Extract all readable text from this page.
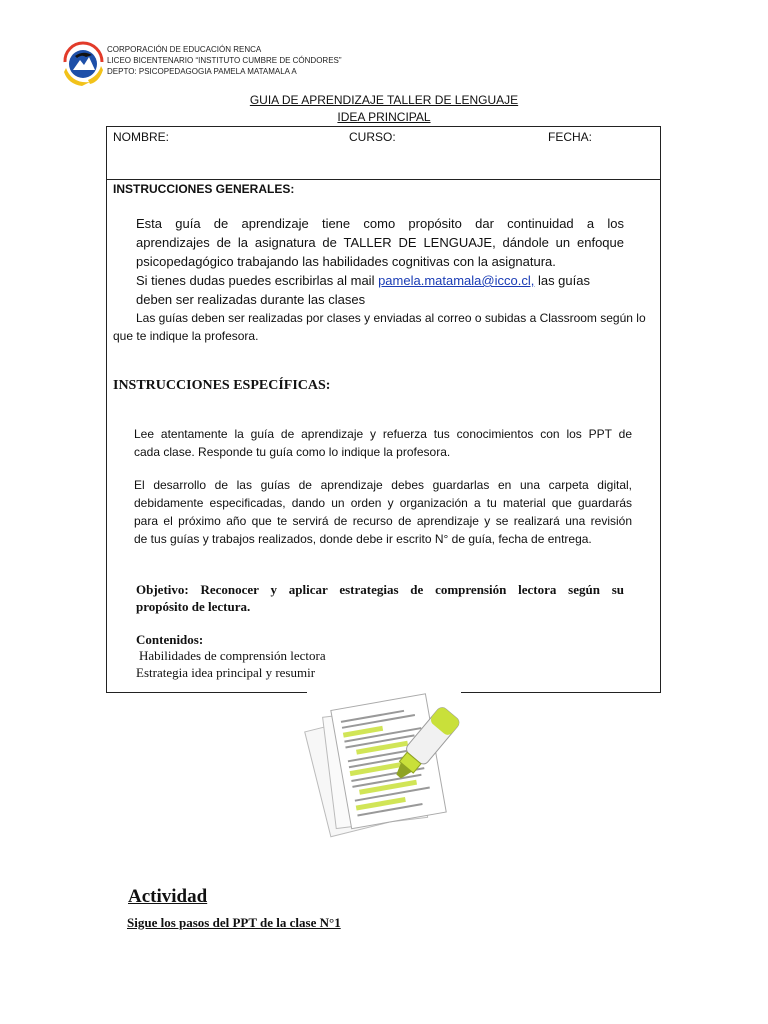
CORPORACIÓN DE EDUCACIÓN RENCA
LICEO BICENTENARIO “INSTITUTO CUMBRE DE CÓNDORES”
DEPTO: PSICOPEDAGOGIA PAMELA MATAMALA A
GUIA DE APRENDIZAJE TALLER DE LENGUAJE
IDEA PRINCIPAL
NOMBRE:	CURSO:	FECHA:
INSTRUCCIONES GENERALES:
Esta guía de aprendizaje tiene como propósito dar continuidad a los
aprendizajes de la asignatura de TALLER DE LENGUAJE, dándole un enfoque
psicopedagógico trabajando las habilidades cognitivas con la asignatura.
Si tienes dudas puedes escribirlas al mail pamela.matamala@icco.cl, las guías
deben ser realizadas durante las clases
Las guías deben ser realizadas por clases y enviadas al correo o subidas a Classroom según lo
que te indique la profesora.
INSTRUCCIONES ESPECÍFICAS:
Lee atentamente la guía de aprendizaje y refuerza tus conocimientos con los PPT de
cada clase. Responde tu guía como lo indique la profesora.
El desarrollo de las guías de aprendizaje debes guardarlas en una carpeta digital,
debidamente especificadas, dando un orden y organización a tu material que guardarás
para el próximo año que te servirá de recurso de aprendizaje y se realizará una revisión
de tus guías y trabajos realizados, donde debe ir escrito N° de guía, fecha de entrega.
Objetivo: Reconocer y aplicar estrategias de comprensión lectora según su
propósito de lectura.
Contenidos:
Habilidades de comprensión lectora
Estrategia idea principal y resumir
Actividad
Sigue los pasos del PPT de la clase N°1
